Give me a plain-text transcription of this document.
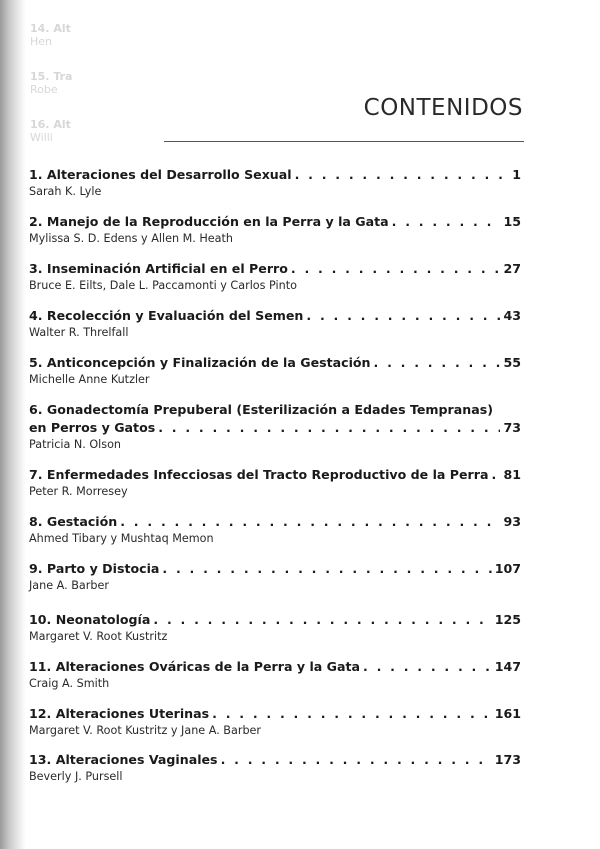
14. Alt
Hen
15. Tra
Robe
16. Alt
Willi
CONTENIDOS
1. Alteraciones del Desarrollo Sexual . . .	1
Sarah K. Lyle
2. Manejo de la Reproducción en la Perra y la Gata . . .	15
Mylissa S. D. Edens y Allen M. Heath
3. Inseminación Artificial en el Perro . . .	27
Bruce E. Eilts, Dale L. Paccamonti y Carlos Pinto
4. Recolección y Evaluación del Semen . . .	43
Walter R. Threlfall
5. Anticoncepción y Finalización de la Gestación . . .	55
Michelle Anne Kutzler
6. Gonadectomía Prepuberal (Esterilización a Edades Tempranas)
en Perros y Gatos . . .	73
Patricia N. Olson
7. Enfermedades Infecciosas del Tracto Reproductivo de la Perra . . . 81
Peter R. Morresey
8. Gestación . . .	93
Ahmed Tibary y Mushtaq Memon
9. Parto y Distocia . . .	107
Jane A. Barber
10. Neonatología . . .	125
Margaret V. Root Kustritz
11. Alteraciones Ováricas de la Perra y la Gata . . .	147
Craig A. Smith
12. Alteraciones Uterinas . . .	161
Margaret V. Root Kustritz y Jane A. Barber
13. Alteraciones Vaginales . . .	173
Beverly J. Pursell
